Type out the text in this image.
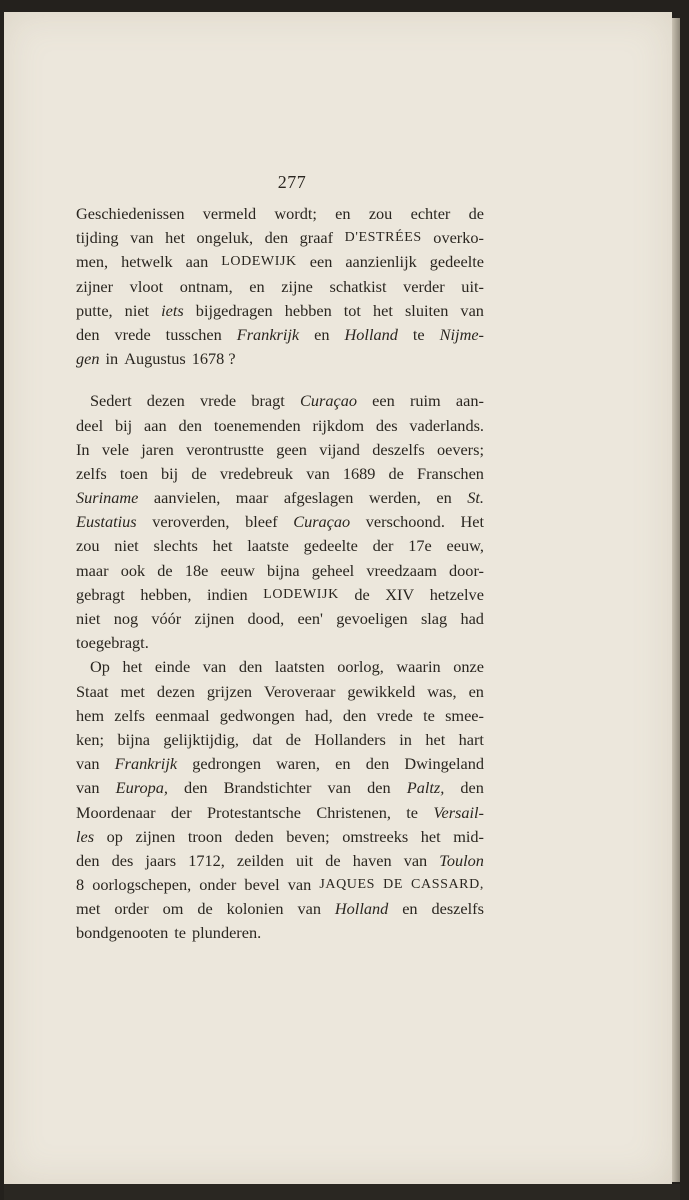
277
Geschiedenissen vermeld wordt; en zou echter de
tijding van het ongeluk, den graaf D'ESTRÉES overko-
men, hetwelk aan LODEWIJK een aanzienlijk gedeelte
zijner vloot ontnam, en zijne schatkist verder uit-
putte, niet iets bijgedragen hebben tot het sluiten van
den vrede tusschen Frankrijk en Holland te Nijme-
gen in Augustus 1678 ?
Sedert dezen vrede bragt Curaçao een ruim aan-
deel bij aan den toenemenden rijkdom des vaderlands.
In vele jaren verontrustte geen vijand deszelfs oevers;
zelfs toen bij de vredebreuk van 1689 de Franschen
Suriname aanvielen, maar afgeslagen werden, en St.
Eustatius veroverden, bleef Curaçao verschoond. Het
zou niet slechts het laatste gedeelte der 17e eeuw,
maar ook de 18e eeuw bijna geheel vreedzaam door-
gebragt hebben, indien LODEWIJK de XIV hetzelve
niet nog vóór zijnen dood, een' gevoeligen slag had
toegebragt.
Op het einde van den laatsten oorlog, waarin onze
Staat met dezen grijzen Veroveraar gewikkeld was, en
hem zelfs eenmaal gedwongen had, den vrede te smee-
ken; bijna gelijktijdig, dat de Hollanders in het hart
van Frankrijk gedrongen waren, en den Dwingeland
van Europa, den Brandstichter van den Paltz, den
Moordenaar der Protestantsche Christenen, te Versail-
les op zijnen troon deden beven; omstreeks het mid-
den des jaars 1712, zeilden uit de haven van Toulon
8 oorlogschepen, onder bevel van JAQUES DE CASSARD,
met order om de kolonien van Holland en deszelfs
bondgenooten te plunderen.
